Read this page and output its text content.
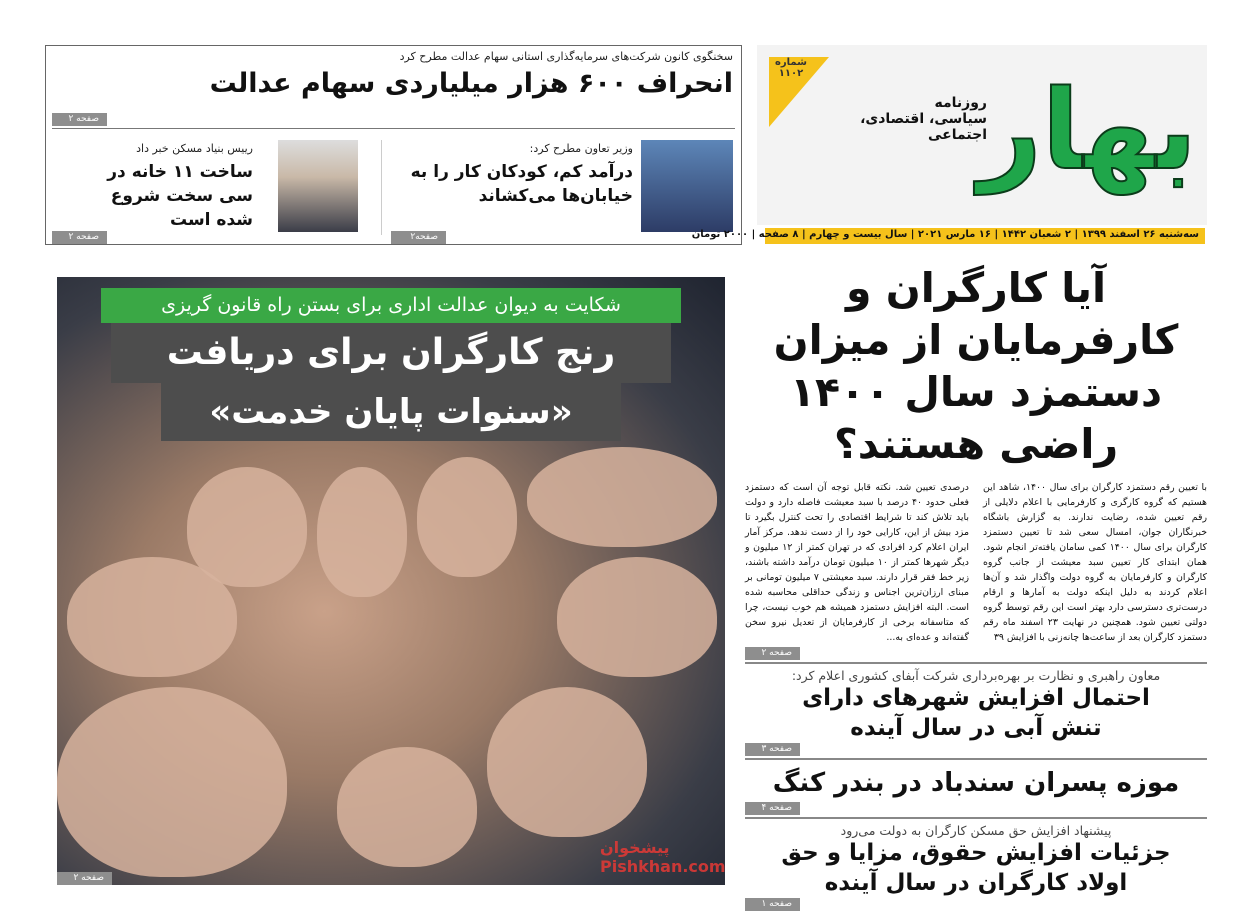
سخنگوی کانون شرکت‌های سرمایه‌گذاری استانی سهام عدالت مطرح کرد
انحراف ۶۰۰ هزار میلیاردی سهام عدالت
صفحه ۲
وزیر تعاون مطرح کرد:
درآمد کم، کودکان کار را به خیابان‌ها می‌کشاند
صفحه۲
رییس بنیاد مسکن خبر داد
ساخت ۱۱ خانه در سی سخت شروع شده است
صفحه ۲
شماره
۱۱۰۲
روزنامه
سیاسی، اقتصادی، اجتماعی
بهار
سه‌شنبه ۲۶ اسفند ۱۳۹۹ | ۲ شعبان ۱۴۴۲ | ۱۶ مارس ۲۰۲۱ | سال بیست و چهارم | ۸ صفحه | ۲۰۰۰ تومان
شکایت به دیوان عدالت اداری برای بستن راه قانون گریزی
رنج کارگران برای دریافت
«سنوات پایان خدمت»
صفحه ۲
آیا کارگران و کارفرمایان از میزان دستمزد سال ۱۴۰۰ راضی هستند؟

با تعیین رقم دستمزد کارگران برای سال ۱۴۰۰، شاهد این هستیم که گروه کارگری و کارفرمایی با اعلام دلایلی از رقم تعیین شده، رضایت ندارند. به گزارش باشگاه خبرنگاران جوان، امسال سعی شد تا تعیین دستمزد کارگران برای سال ۱۴۰۰ کمی سامان یافته‌تر انجام شود. همان ابتدای کار تعیین سبد معیشت از جانب گروه کارگران و کارفرمایان به گروه دولت واگذار شد و آن‌ها اعلام کردند به دلیل اینکه دولت به آمارها و ارقام درست‌تری دسترسی دارد بهتر است این رقم توسط گروه دولتی تعیین شود. همچنین در نهایت ۲۳ اسفند ماه رقم دستمزد کارگران بعد از ساعت‌ها چانه‌زنی با افزایش ۳۹

درصدی تعیین شد. نکته قابل توجه آن است که دستمزد فعلی حدود ۴۰ درصد با سبد معیشت فاصله دارد و دولت باید تلاش کند تا شرایط اقتصادی را تحت کنترل بگیرد تا مزد بیش از این، کارایی خود را از دست ندهد. مرکز آمار ایران اعلام کرد افرادی که در تهران کمتر از ۱۲ میلیون و دیگر شهرها کمتر از ۱۰ میلیون تومان درآمد داشته باشند، زیر خط فقر قرار دارند. سبد معیشتی ۷ میلیون تومانی بر مبنای ارزان‌ترین اجناس و زندگی حداقلی محاسبه شده است. البته افزایش دستمزد همیشه هم خوب نیست، چرا که متاسفانه برخی از کارفرمایان از تعدیل نیرو سخن گفته‌اند و عده‌ای به...

صفحه ۲
معاون راهبری و نظارت بر بهره‌برداری شرکت آبفای کشوری اعلام کرد:
احتمال افزایش شهرهای دارای تنش آبی در سال آینده
صفحه ۳
موزه پسران سندباد در بندر کنگ
صفحه ۴
پیشنهاد افزایش حق مسکن کارگران به دولت می‌رود
جزئیات افزایش حقوق، مزایا و حق اولاد کارگران در سال آینده
صفحه ۱
پیشخوان
Pishkhan.com
